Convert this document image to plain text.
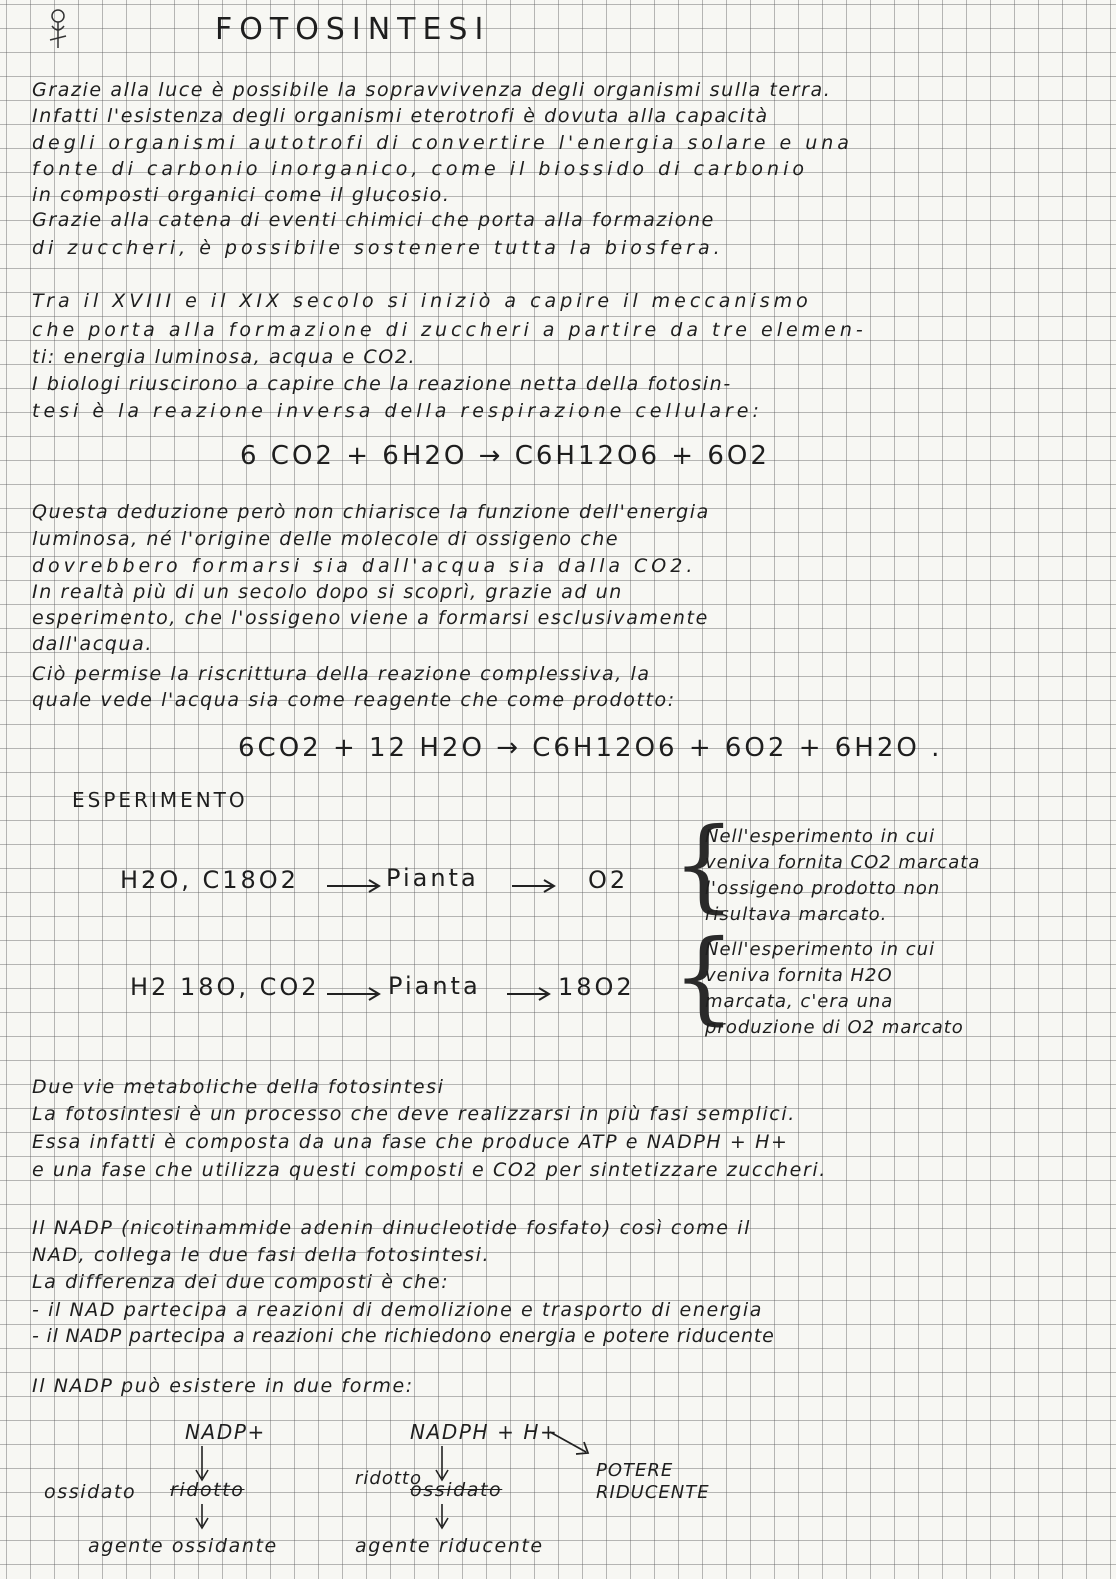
FOTOSINTESI
Grazie alla luce è possibile la sopravvivenza degli organismi sulla terra.
Infatti l'esistenza degli organismi eterotrofi è dovuta alla capacità
degli organismi autotrofi di convertire l'energia solare e una
fonte di carbonio inorganico, come il biossido di carbonio
in composti organici come il glucosio.
Grazie alla catena di eventi chimici che porta alla formazione
di zuccheri, è possibile sostenere tutta la biosfera.
Tra il XVIII e il XIX secolo si iniziò a capire il meccanismo
che porta alla formazione di zuccheri a partire da tre elemen-
ti: energia luminosa, acqua e CO2.
I biologi riuscirono a capire che la reazione netta della fotosin-
tesi è la reazione inversa della respirazione cellulare:
6 CO2 + 6H2O → C6H12O6 + 6O2
Questa deduzione però non chiarisce la funzione dell'energia
luminosa, né l'origine delle molecole di ossigeno che
dovrebbero formarsi sia dall'acqua sia dalla CO2.
In realtà più di un secolo dopo si scoprì, grazie ad un
esperimento, che l'ossigeno viene a formarsi esclusivamente
dall'acqua.
Ciò permise la riscrittura della reazione complessiva, la
quale vede l'acqua sia come reagente che come prodotto:
6CO2 + 12 H2O → C6H12O6 + 6O2 + 6H2O .
ESPERIMENTO
H2O, C18O2	Pianta	O2 {
Nell'esperimento in cui
veniva fornita CO2 marcata
l'ossigeno prodotto non
risultava marcato.
H2 18O, CO2	Pianta	18O2 {
Nell'esperimento in cui
veniva fornita H2O
marcata, c'era una
produzione di O2 marcato
Due vie metaboliche della fotosintesi
La fotosintesi è un processo che deve realizzarsi in più fasi semplici.
Essa infatti è composta da una fase che produce ATP e NADPH + H+
e una fase che utilizza questi composti e CO2 per sintetizzare zuccheri.
Il NADP (nicotinammide adenin dinucleotide fosfato) così come il
NAD, collega le due fasi della fotosintesi.
La differenza dei due composti è che:
- il NAD partecipa a reazioni di demolizione e trasporto di energia
- il NADP partecipa a reazioni che richiedono energia e potere riducente
Il NADP può esistere in due forme:
NADP+	NADPH + H+
ossidato ridotto
ridotto
ossidato
POTERE
RIDUCENTE
agente ossidante	agente riducente
